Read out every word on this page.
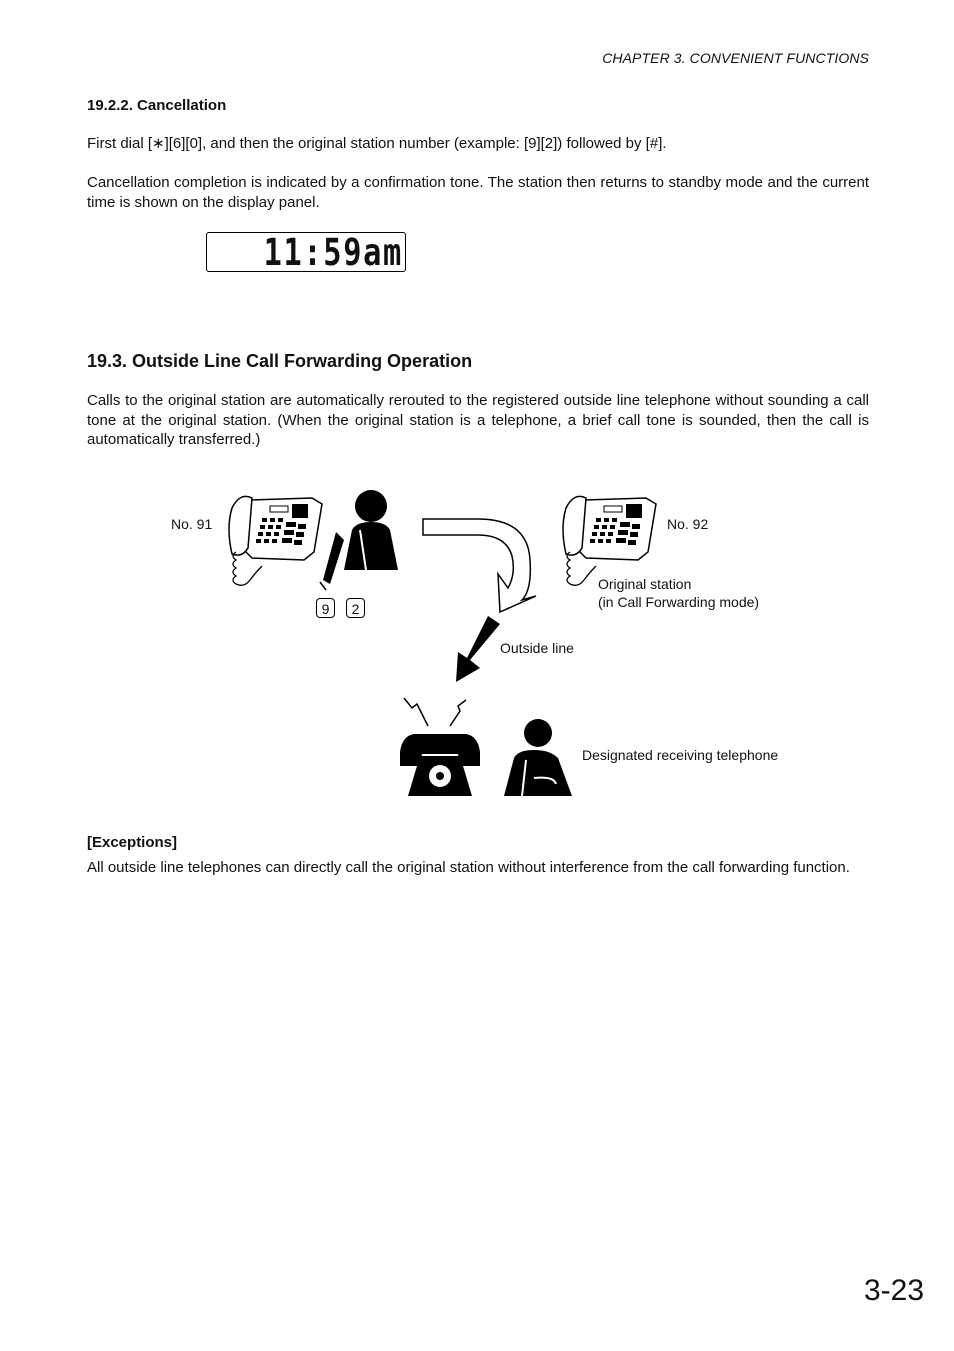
CHAPTER 3. CONVENIENT FUNCTIONS
19.2.2. Cancellation
First dial [∗][6][0], and then the original station number (example: [9][2]) followed by [#].
Cancellation completion is indicated by a confirmation tone. The station then returns to standby mode and the current time is shown on the display panel.
11:59am
19.3. Outside Line Call Forwarding Operation
Calls to the original station are automatically rerouted to the registered outside line telephone without sounding a call tone at the original station. (When the original station is a telephone, a brief call tone is sounded, then the call is automatically transferred.)
No. 91	No. 92
9	2
Original station
(in Call Forwarding mode)
Outside line
Designated receiving telephone
[Exceptions]
All outside line telephones can directly call the original station without interference from the call forwarding function.
3-23
